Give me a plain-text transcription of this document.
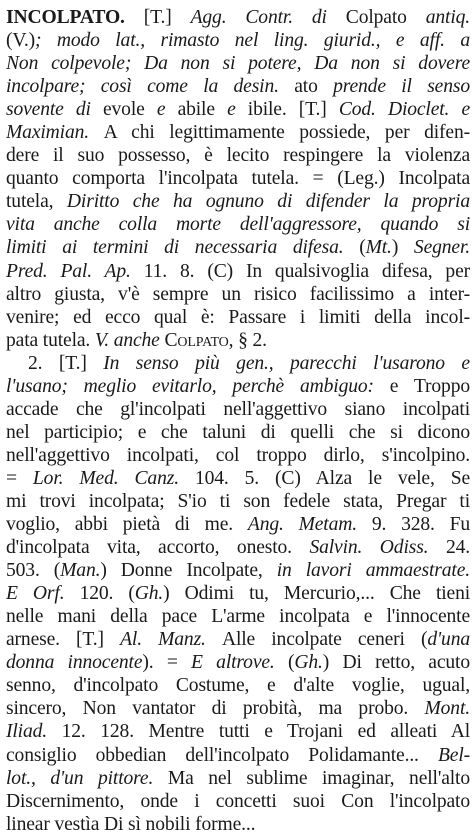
INCOLPATO. [T.] Agg. Contr. di Colpato antiq.
(V.); modo lat., rimasto nel ling. giurid., e aff. a
Non colpevole; Da non si potere, Da non si dovere
incolpare; così come la desin. ato prende il senso
sovente di evole e abile e ibile. [T.] Cod. Dioclet. e
Maximian. A chi legittimamente possiede, per difen-
dere il suo possesso, è lecito respingere la violenza
quanto comporta l'incolpata tutela. = (Leg.) Incolpata
tutela, Diritto che ha ognuno di difender la propria
vita anche colla morte dell'aggressore, quando si
limiti ai termini di necessaria difesa. (Mt.) Segner.
Pred. Pal. Ap. 11. 8. (C) In qualsivoglia difesa, per
altro giusta, v'è sempre un risico facilissimo a inter-
venire; ed ecco qual è: Passare i limiti della incol-
pata tutela. V. anche Colpato, § 2.
2. [T.] In senso più gen., parecchi l'usarono e
l'usano; meglio evitarlo, perchè ambiguo: e Troppo
accade che gl'incolpati nell'aggettivo siano incolpati
nel participio; e che taluni di quelli che si dicono
nell'aggettivo incolpati, col troppo dirlo, s'incolpino.
= Lor. Med. Canz. 104. 5. (C) Alza le vele, Se
mi trovi incolpata; S'io ti son fedele stata, Pregar ti
voglio, abbi pietà di me. Ang. Metam. 9. 328. Fu
d'incolpata vita, accorto, onesto. Salvin. Odiss. 24.
503. (Man.) Donne Incolpate, in lavori ammaestrate.
E Orf. 120. (Gh.) Odimi tu, Mercurio,... Che tieni
nelle mani della pace L'arme incolpata e l'innocente
arnese. [T.] Al. Manz. Alle incolpate ceneri (d'una
donna innocente). = E altrove. (Gh.) Di retto, acuto
senno, d'incolpato Costume, e d'alte voglie, ugual,
sincero, Non vantator di probità, ma probo. Mont.
Iliad. 12. 128. Mentre tutti e Trojani ed alleati Al
consiglio obbedian dell'incolpato Polidamante... Bel-
lot., d'un pittore. Ma nel sublime imaginar, nell'alto
Discernimento, onde i concetti suoi Con l'incolpato
linear vestìa Di sì nobili forme...
